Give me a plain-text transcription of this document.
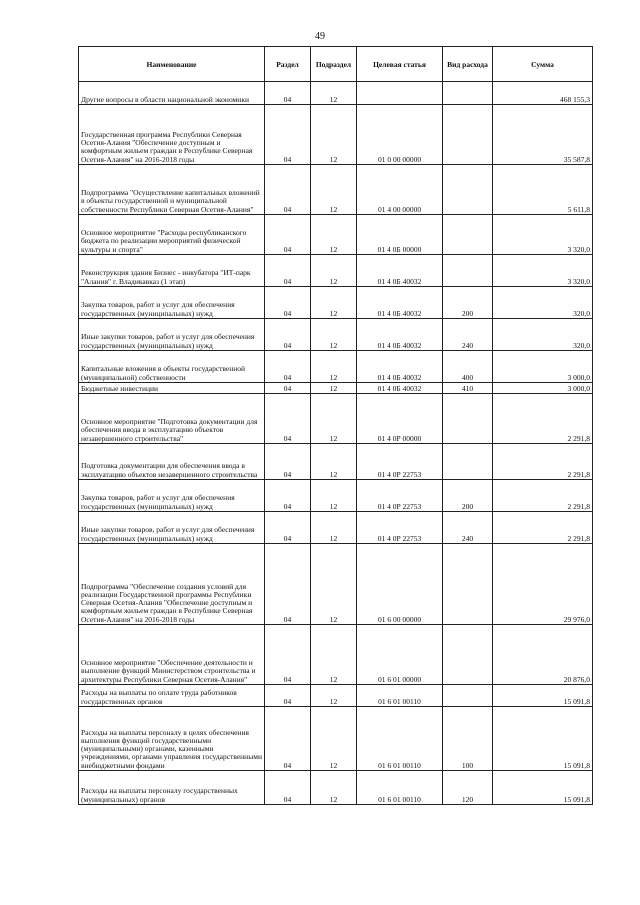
49
Наименование	Раздел	Подраздел	Целевая статья	Вид расхода	Сумма
Другие вопросы в области национальной экономики	04	12			468 155,3
Государственная программа Республики Северная Осетия-Алания "Обеспечение доступным и комфортным жильем граждан в Республике Северная Осетия-Алания" на 2016-2018 годы	04	12	01 0 00 00000		35 587,8
Подпрограмма "Осуществление капитальных вложений в объекты государственной и муниципальной собственности Республики Северная Осетия-Алания"	04	12	01 4 00 00000		5 611,8
Основное мероприятие "Расходы республиканского бюджета по реализации мероприятий физической культуры и спорта"	04	12	01 4 0Б 00000		3 320,0
Реконструкция здания Бизнес - инкубатора "ИТ-парк "Алания" г. Владикавказ (1 этап)	04	12	01 4 0Б 40032		3 320,0
Закупка товаров, работ и услуг для обеспечения государственных (муниципальных) нужд	04	12	01 4 0Б 40032	200	320,0
Иные закупки товаров, работ и услуг для обеспечения государственных (муниципальных) нужд	04	12	01 4 0Б 40032	240	320,0
Капитальные вложения в объекты государственной (муниципальной) собственности	04	12	01 4 0Б 40032	400	3 000,0
Бюджетные инвестиции	04	12	01 4 0Б 40032	410	3 000,0
Основное мероприятие "Подготовка документации для обеспечения ввода в эксплуатацию объектов незавершенного строительства"	04	12	01 4 0Р 00000		2 291,8
Подготовка документации для обеспечения ввода в эксплуатацию объектов незавершенного строительства	04	12	01 4 0Р 22753		2 291,8
Закупка товаров, работ и услуг для обеспечения государственных (муниципальных) нужд	04	12	01 4 0Р 22753	200	2 291,8
Иные закупки товаров, работ и услуг для обеспечения государственных (муниципальных) нужд	04	12	01 4 0Р 22753	240	2 291,8
Подпрограмма "Обеспечение создания условий для реализации Государственной программы Республики Северная Осетия-Алания "Обеспечение доступным и комфортным жильем граждан в Республике Северная Осетия-Алания" на 2016-2018 годы	04	12	01 6 00 00000		29 976,0
Основное мероприятие "Обеспечение деятельности и выполнение функций Министерством строительства и архитектуры Республики Северная Осетия-Алания"	04	12	01 6 01 00000		20 876,0
Расходы на выплаты по оплате труда работников государственных органов	04	12	01 6 01 00110		15 091,8
Расходы на выплаты персоналу в целях обеспечения выполнения функций государственными (муниципальными) органами, казенными учреждениями, органами управления государственными внебюджетными фондами	04	12	01 6 01 00110	100	15 091,8
Расходы на выплаты персоналу государственных (муниципальных) органов	04	12	01 6 01 00110	120	15 091,8
